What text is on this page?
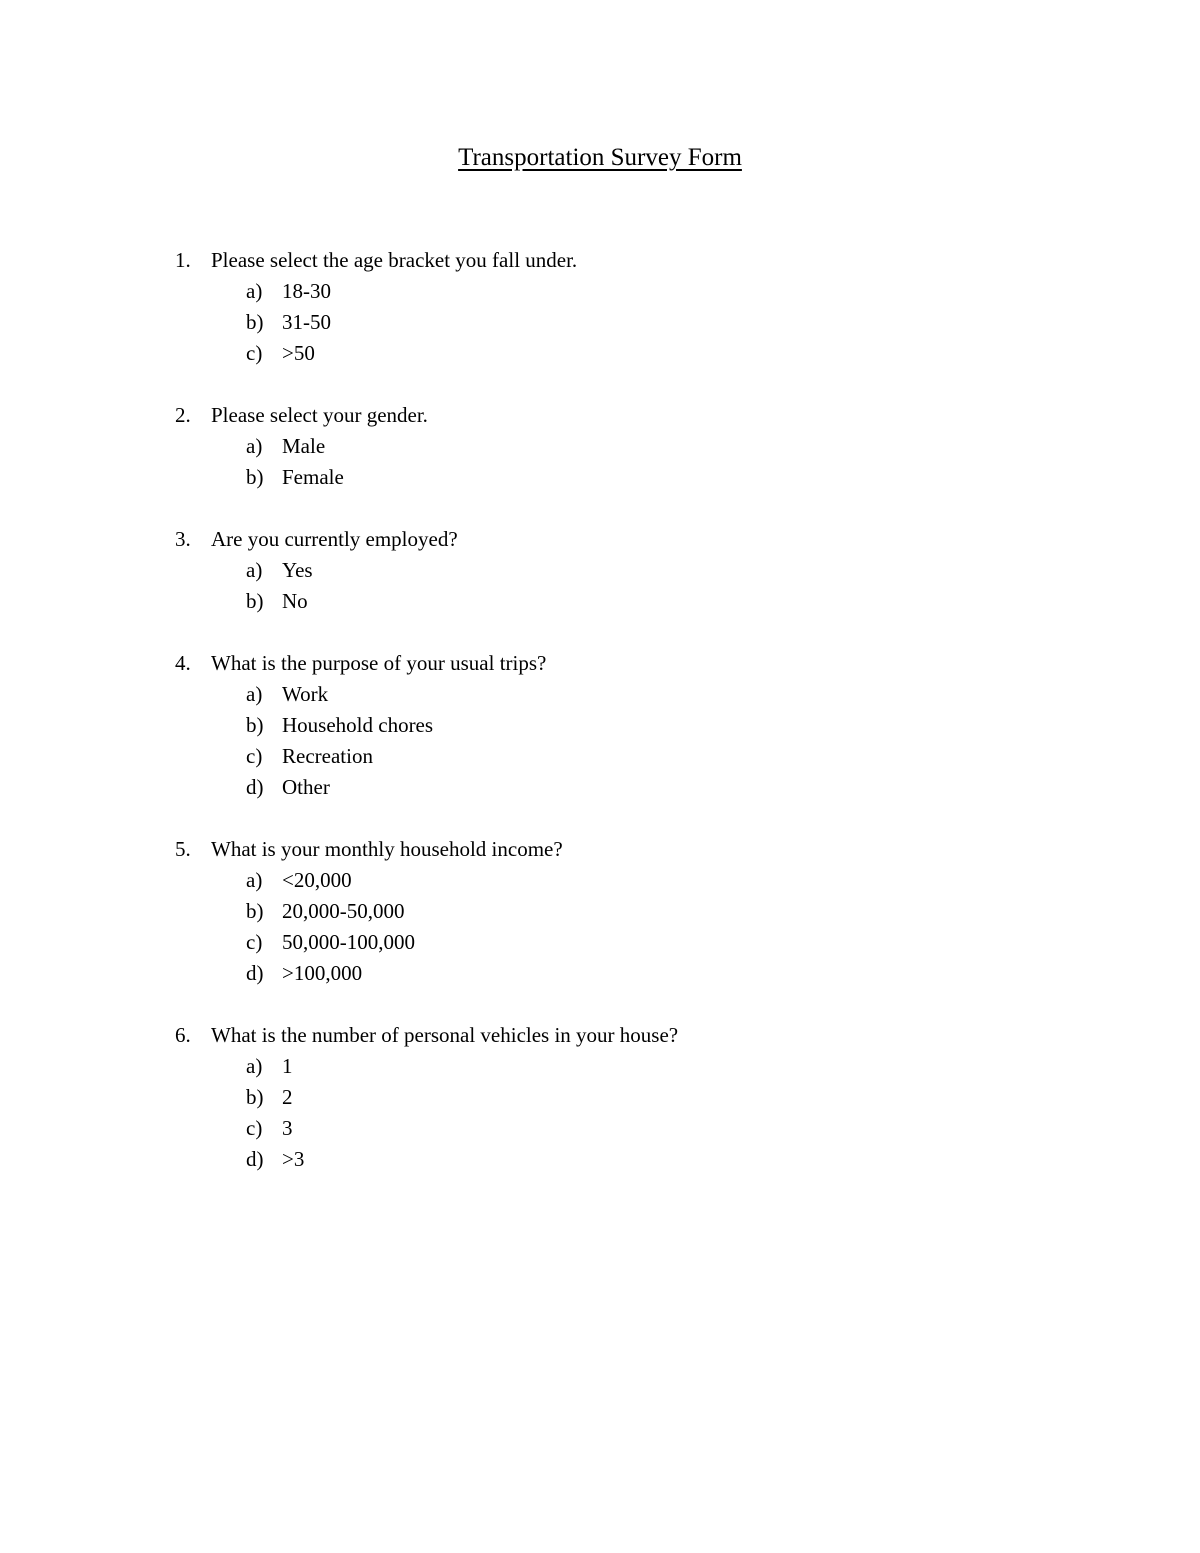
Transportation Survey Form
1. Please select the age bracket you fall under.
a) 18-30
b) 31-50
c) >50
2. Please select your gender.
a) Male
b) Female
3. Are you currently employed?
a) Yes
b) No
4. What is the purpose of your usual trips?
a) Work
b) Household chores
c) Recreation
d) Other
5. What is your monthly household income?
a) <20,000
b) 20,000-50,000
c) 50,000-100,000
d) >100,000
6. What is the number of personal vehicles in your house?
a) 1
b) 2
c) 3
d) >3
